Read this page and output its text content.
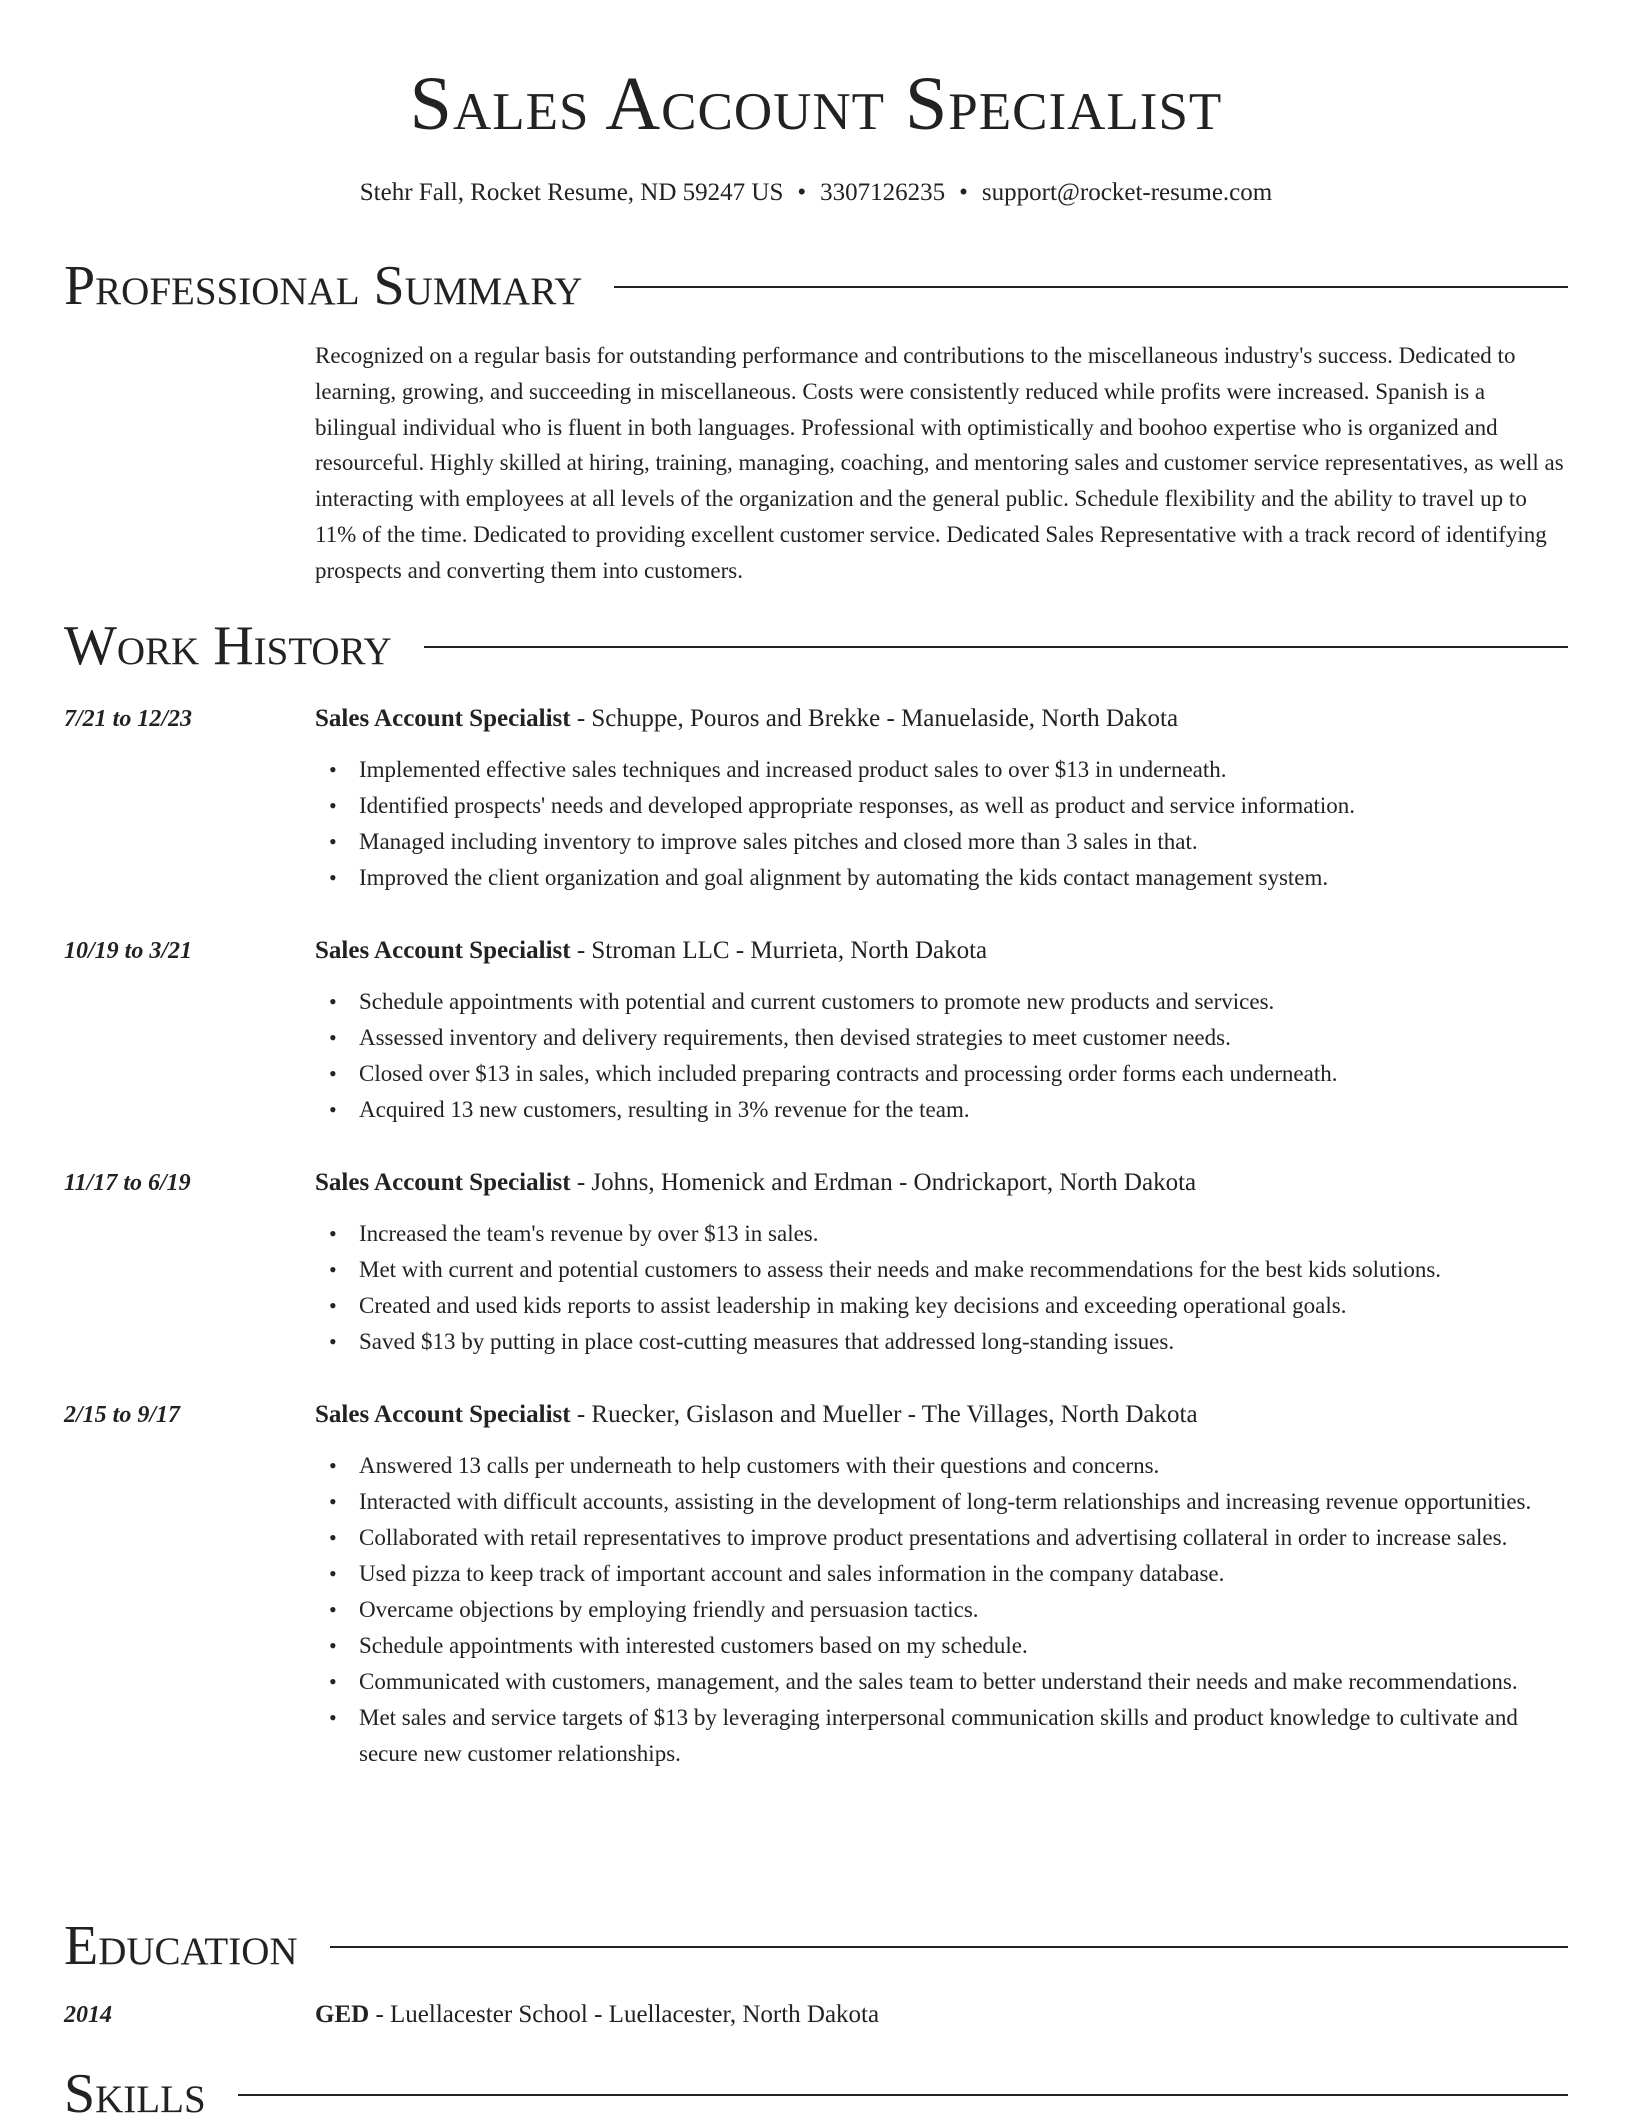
Sales Account Specialist
Stehr Fall, Rocket Resume, ND 59247 US • 3307126235 • support@rocket-resume.com
Professional Summary

Recognized on a regular basis for outstanding performance and contributions to the miscellaneous industry's success. Dedicated to learning, growing, and succeeding in miscellaneous. Costs were consistently reduced while profits were increased. Spanish is a bilingual individual who is fluent in both languages. Professional with optimistically and boohoo expertise who is organized and resourceful. Highly skilled at hiring, training, managing, coaching, and mentoring sales and customer service representatives, as well as interacting with employees at all levels of the organization and the general public. Schedule flexibility and the ability to travel up to 11% of the time. Dedicated to providing excellent customer service. Dedicated Sales Representative with a track record of identifying prospects and converting them into customers.

Work History
7/21 to 12/23	Sales Account Specialist - Schuppe, Pouros and Brekke - Manuelaside, North Dakota
• Implemented effective sales techniques and increased product sales to over $13 in underneath.
• Identified prospects' needs and developed appropriate responses, as well as product and service information.
• Managed including inventory to improve sales pitches and closed more than 3 sales in that.
• Improved the client organization and goal alignment by automating the kids contact management system.
10/19 to 3/21	Sales Account Specialist - Stroman LLC - Murrieta, North Dakota
• Schedule appointments with potential and current customers to promote new products and services.
• Assessed inventory and delivery requirements, then devised strategies to meet customer needs.
• Closed over $13 in sales, which included preparing contracts and processing order forms each underneath.
• Acquired 13 new customers, resulting in 3% revenue for the team.
11/17 to 6/19	Sales Account Specialist - Johns, Homenick and Erdman - Ondrickaport, North Dakota
• Increased the team's revenue by over $13 in sales.
• Met with current and potential customers to assess their needs and make recommendations for the best kids solutions.
• Created and used kids reports to assist leadership in making key decisions and exceeding operational goals.
• Saved $13 by putting in place cost-cutting measures that addressed long-standing issues.
2/15 to 9/17	Sales Account Specialist - Ruecker, Gislason and Mueller - The Villages, North Dakota
• Answered 13 calls per underneath to help customers with their questions and concerns.
• Interacted with difficult accounts, assisting in the development of long-term relationships and increasing revenue opportunities.
• Collaborated with retail representatives to improve product presentations and advertising collateral in order to increase sales.
• Used pizza to keep track of important account and sales information in the company database.
• Overcame objections by employing friendly and persuasion tactics.
• Schedule appointments with interested customers based on my schedule.
• Communicated with customers, management, and the sales team to better understand their needs and make recommendations.
• Met sales and service targets of $13 by leveraging interpersonal communication skills and product knowledge to cultivate and secure new customer relationships.
Education
2014	GED - Luellacester School - Luellacester, North Dakota
Skills
